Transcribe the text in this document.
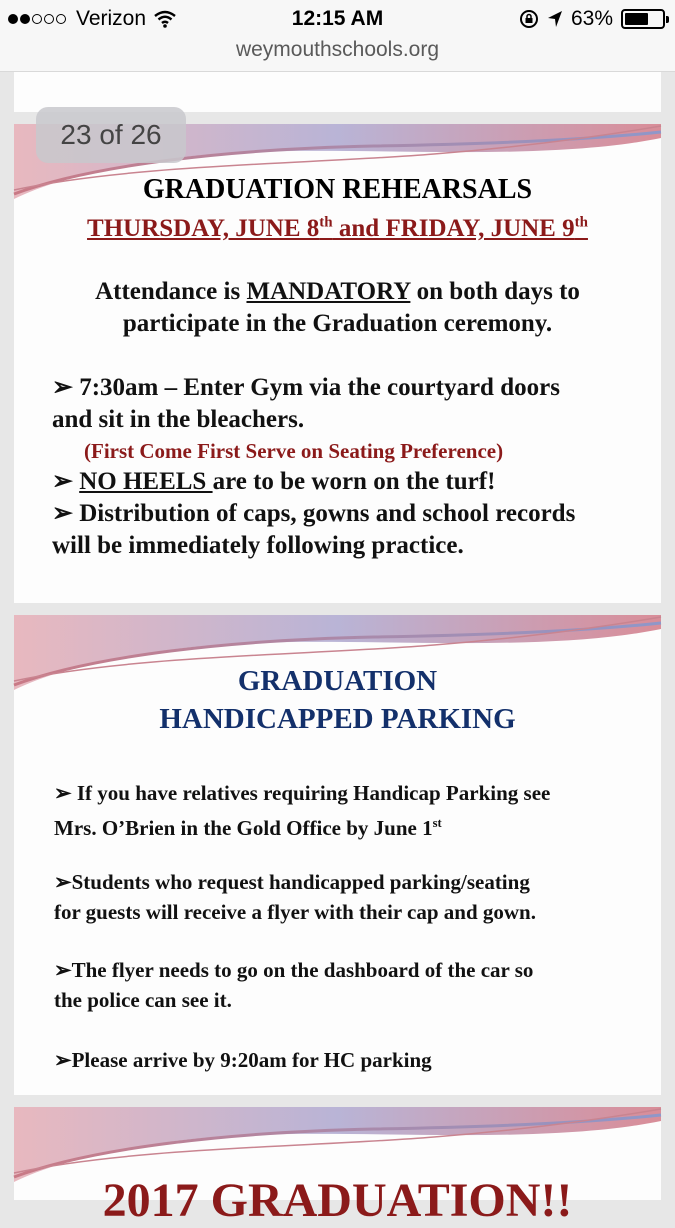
Verizon	12:15 AM	63%
weymouthschools.org
GRADUATION REHEARSALS
THURSDAY, JUNE 8th and FRIDAY, JUNE 9th
Attendance is MANDATORY on both days to
participate in the Graduation ceremony.
➢ 7:30am – Enter Gym via the courtyard doors
and sit in the bleachers.
(First Come First Serve on Seating Preference)
➢ NO HEELS are to be worn on the turf!
➢ Distribution of caps, gowns and school records
will be immediately following practice.
23 of 26
GRADUATION
HANDICAPPED PARKING
➢ If you have relatives requiring Handicap Parking see
Mrs. O’Brien in the Gold Office by June 1st
➢Students who request handicapped parking/seating
for guests will receive a flyer with their cap and gown.
➢The flyer needs to go on the dashboard of the car so
the police can see it.
➢Please arrive by 9:20am for HC parking
2017 GRADUATION!!
